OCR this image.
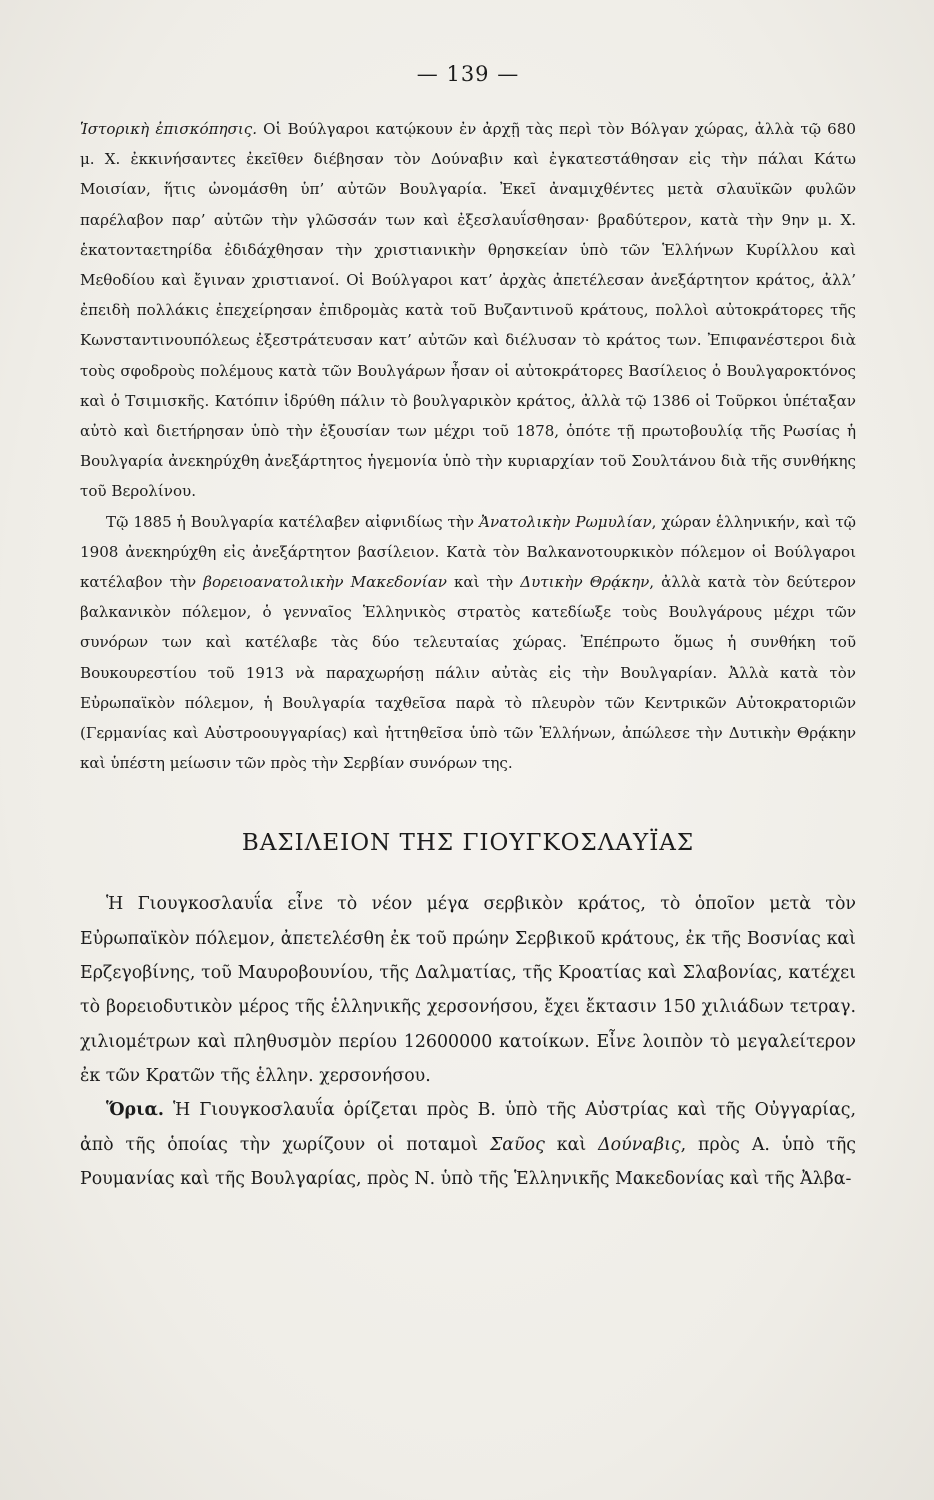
— 139 —

Ἱστορικὴ ἐπισκόπησις. Οἱ Βούλγαροι κατῴκουν ἐν ἀρχῇ τὰς περὶ τὸν Βόλγαν χώρας, ἀλλὰ τῷ 680 μ. Χ. ἐκκινήσαντες ἐκεῖθεν διέβησαν τὸν Δούναβιν καὶ ἐγκατεστάθησαν εἰς τὴν πάλαι Κάτω Μοισίαν, ἥτις ὠνομάσθη ὑπ’ αὐτῶν Βουλγαρία. Ἐκεῖ ἀναμιχθέντες μετὰ σλαυϊκῶν φυλῶν παρέλαβον παρ’ αὐτῶν τὴν γλῶσσάν των καὶ ἐξεσλαυΐσθησαν· βραδύτερον, κατὰ τὴν 9ην μ. Χ. ἑκατονταετηρίδα ἐδιδάχθησαν τὴν χριστιανικὴν θρησκείαν ὑπὸ τῶν Ἑλλήνων Κυρίλλου καὶ Μεθοδίου καὶ ἔγιναν χριστιανοί. Οἱ Βούλγαροι κατ’ ἀρχὰς ἀπετέλεσαν ἀνεξάρτητον κράτος, ἀλλ’ ἐπειδὴ πολλάκις ἐπεχείρησαν ἐπιδρομὰς κατὰ τοῦ Βυζαντινοῦ κράτους, πολλοὶ αὐτοκράτορες τῆς Κωνσταντινουπόλεως ἐξεστράτευσαν κατ’ αὐτῶν καὶ διέλυσαν τὸ κράτος των. Ἐπιφανέστεροι διὰ τοὺς σφοδροὺς πολέμους κατὰ τῶν Βουλγάρων ἦσαν οἱ αὐτοκράτορες Βασίλειος ὁ Βουλγαροκτόνος καὶ ὁ Τσιμισκῆς. Κατόπιν ἱδρύθη πάλιν τὸ βουλγαρικὸν κράτος, ἀλλὰ τῷ 1386 οἱ Τοῦρκοι ὑπέταξαν αὐτὸ καὶ διετήρησαν ὑπὸ τὴν ἐξουσίαν των μέχρι τοῦ 1878, ὁπότε τῇ πρωτοβουλίᾳ τῆς Ρωσίας ἡ Βουλγαρία ἀνεκηρύχθη ἀνεξάρτητος ἡγεμονία ὑπὸ τὴν κυριαρχίαν τοῦ Σουλτάνου διὰ τῆς συνθήκης τοῦ Βερολίνου.

Τῷ 1885 ἡ Βουλγαρία κατέλαβεν αἰφνιδίως τὴν Ἀνατολικὴν Ρωμυλίαν, χώραν ἑλληνικήν, καὶ τῷ 1908 ἀνεκηρύχθη εἰς ἀνεξάρτητον βασίλειον. Κατὰ τὸν Βαλκανοτουρκικὸν πόλεμον οἱ Βούλγαροι κατέλαβον τὴν βορειοανατολικὴν Μακεδονίαν καὶ τὴν Δυτικὴν Θρᾴκην, ἀλλὰ κατὰ τὸν δεύτερον βαλκανικὸν πόλεμον, ὁ γενναῖος Ἑλληνικὸς στρατὸς κατεδίωξε τοὺς Βουλγάρους μέχρι τῶν συνόρων των καὶ κατέλαβε τὰς δύο τελευταίας χώρας. Ἐπέπρωτο ὅμως ἡ συνθήκη τοῦ Βουκουρεστίου τοῦ 1913 νὰ παραχωρήσῃ πάλιν αὐτὰς εἰς τὴν Βουλγαρίαν. Ἀλλὰ κατὰ τὸν Εὐρωπαϊκὸν πόλεμον, ἡ Βουλγαρία ταχθεῖσα παρὰ τὸ πλευρὸν τῶν Κεντρικῶν Αὐτοκρατοριῶν (Γερμανίας καὶ Αὐστροουγγαρίας) καὶ ἡττηθεῖσα ὑπὸ τῶν Ἑλλήνων, ἀπώλεσε τὴν Δυτικὴν Θρᾴκην καὶ ὑπέστη μείωσιν τῶν πρὸς τὴν Σερβίαν συνόρων της.

ΒΑΣΙΛΕΙΟΝ ΤΗΣ ΓΙΟΥΓΚΟΣΛΑΥΪΑΣ

Ἡ Γιουγκοσλαυΐα εἶνε τὸ νέον μέγα σερβικὸν κράτος, τὸ ὁποῖον μετὰ τὸν Εὐρωπαϊκὸν πόλεμον, ἀπετελέσθη ἐκ τοῦ πρώην Σερβικοῦ κράτους, ἐκ τῆς Βοσνίας καὶ Ερζεγοβίνης, τοῦ Μαυροβουνίου, τῆς Δαλματίας, τῆς Κροατίας καὶ Σλαβονίας, κατέχει τὸ βορειοδυτικὸν μέρος τῆς ἑλληνικῆς χερσονήσου, ἔχει ἔκτασιν 150 χιλιάδων τετραγ. χιλιομέτρων καὶ πληθυσμὸν περίου 12600000 κατοίκων. Εἶνε λοιπὸν τὸ μεγαλείτερον ἐκ τῶν Κρατῶν τῆς ἑλλην. χερσονήσου.

Ὅρια. Ἡ Γιουγκοσλαυΐα ὁρίζεται πρὸς Β. ὑπὸ τῆς Αὐστρίας καὶ τῆς Οὐγγαρίας, ἀπὸ τῆς ὁποίας τὴν χωρίζουν οἱ ποταμοὶ Σαῦος καὶ Δούναβις, πρὸς Α. ὑπὸ τῆς Ρουμανίας καὶ τῆς Βουλγαρίας, πρὸς Ν. ὑπὸ τῆς Ἑλληνικῆς Μακεδονίας καὶ τῆς Ἀλβα-
